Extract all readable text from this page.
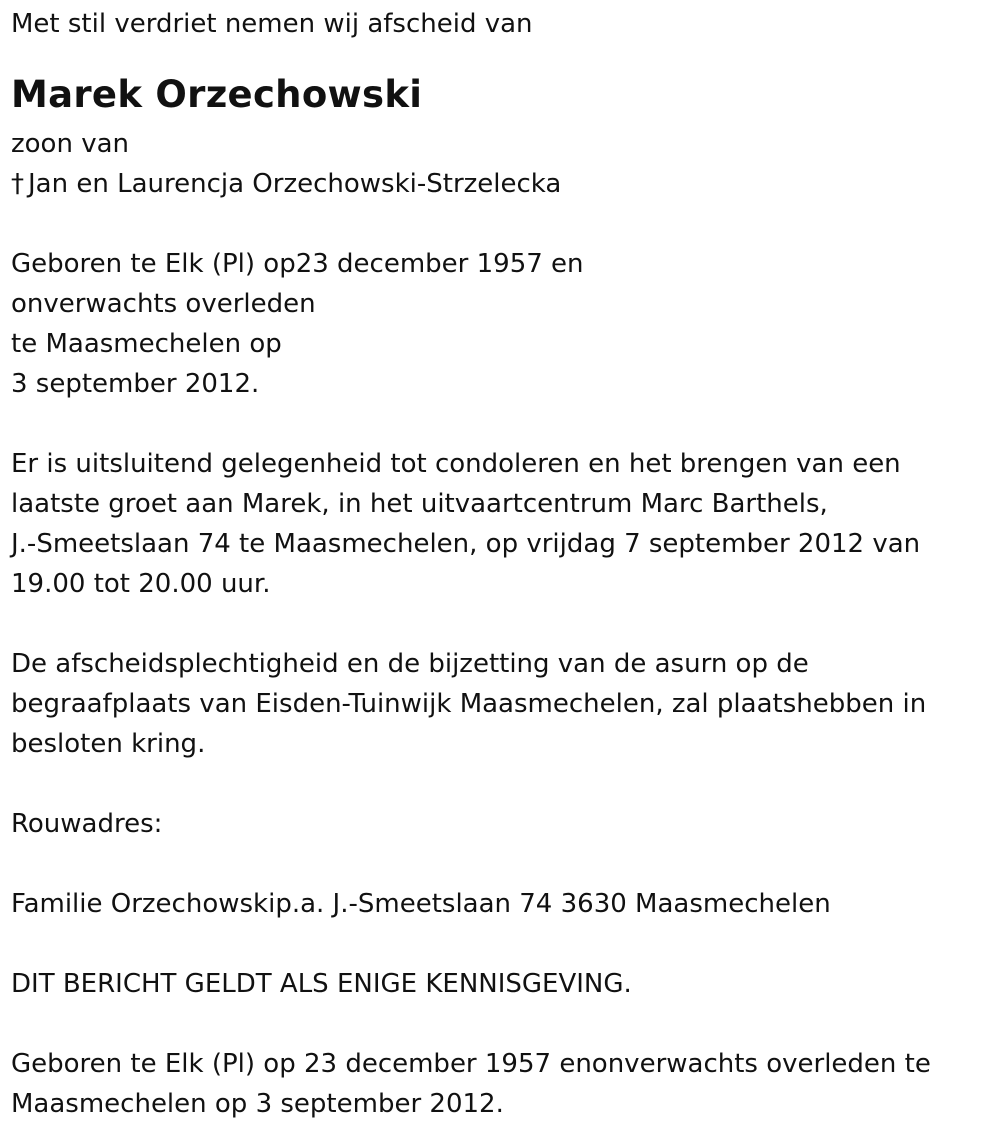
Met stil verdriet nemen wij afscheid van
Marek Orzechowski
zoon van
† Jan en Laurencja Orzechowski-Strzelecka
Geboren te Elk (Pl) op23 december 1957 en
onverwachts overleden
te Maasmechelen op
3 september 2012.
Er is uitsluitend gelegenheid tot condoleren en het brengen van een
laatste groet aan Marek, in het uitvaartcentrum Marc Barthels,
J.-Smeetslaan 74 te Maasmechelen, op vrijdag 7 september 2012 van
19.00 tot 20.00 uur.
De afscheidsplechtigheid en de bijzetting van de asurn op de
begraafplaats van Eisden-Tuinwijk Maasmechelen, zal plaatshebben in
besloten kring.
Rouwadres:
Familie Orzechowskip.a. J.-Smeetslaan 74 3630 Maasmechelen
DIT BERICHT GELDT ALS ENIGE KENNISGEVING.
Geboren te Elk (Pl) op 23 december 1957 enonverwachts overleden te
Maasmechelen op 3 september 2012.
